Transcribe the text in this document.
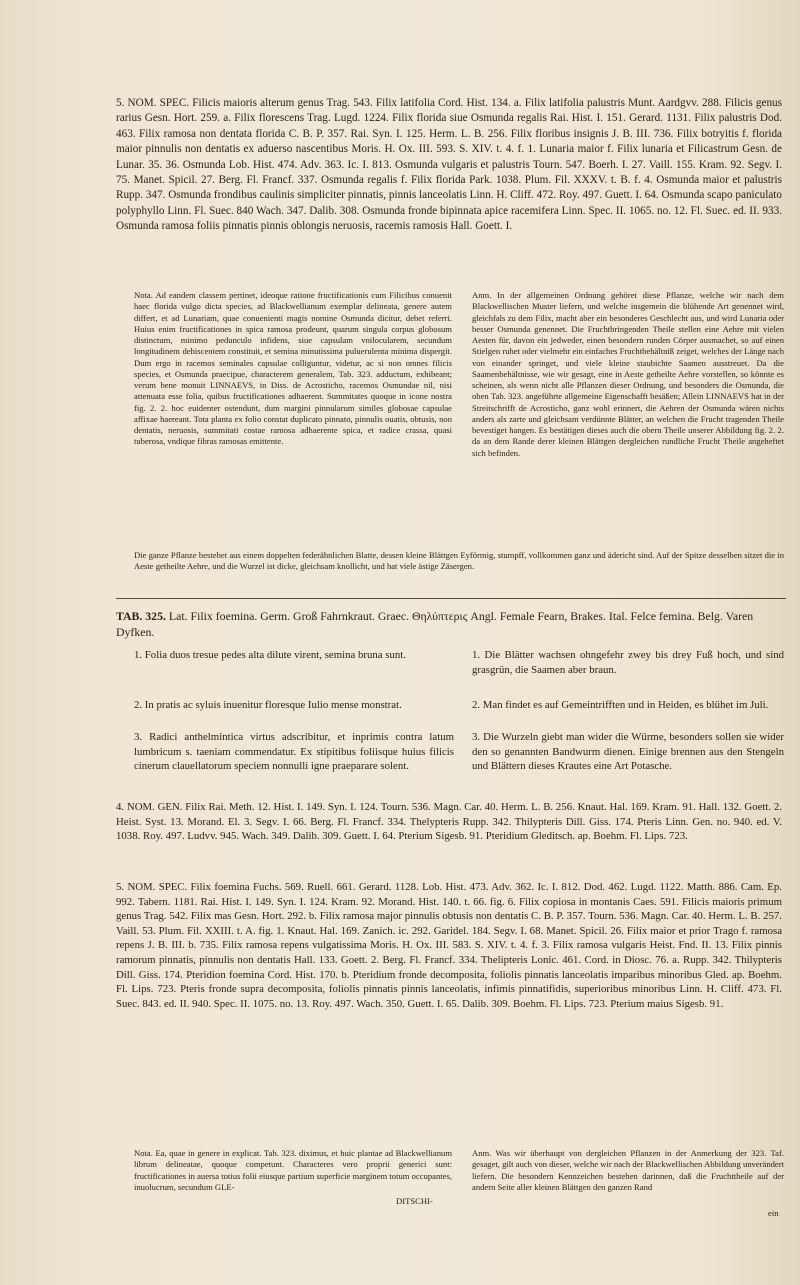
5. NOM. SPEC. Filicis maioris alterum genus Trag. 543. Filix latifolia Cord. Hist. 134. a. Filix latifolia palustris Munt. Aardgvv. 288. Filicis genus rarius Gesn. Hort. 259. a. Filix florescens Trag. Lugd. 1224. Filix florida siue Osmunda regalis Rai. Hist. I. 151. Gerard. 1131. Filix palustris Dod. 463. Filix ramosa non dentata florida C. B. P. 357. Rai. Syn. I. 125. Herm. L. B. 256. Filix floribus insignis J. B. III. 736. Filix botryitis f. florida maior pinnulis non dentatis ex aduerso nascentibus Moris. H. Ox. III. 593. S. XIV. t. 4. f. 1. Lunaria maior f. Filix lunaria et Filicastrum Gesn. de Lunar. 35. 36. Osmunda Lob. Hist. 474. Adv. 363. Ic. I. 813. Osmunda vulgaris et palustris Tourn. 547. Boerh. I. 27. Vaill. 155. Kram. 92. Segv. I. 75. Manet. Spicil. 27. Berg. Fl. Francf. 337. Osmunda regalis f. Filix florida Park. 1038. Plum. Fil. XXXV. t. B. f. 4. Osmunda maior et palustris Rupp. 347. Osmunda frondibus caulinis simpliciter pinnatis, pinnis lanceolatis Linn. H. Cliff. 472. Roy. 497. Guett. I. 64. Osmunda scapo paniculato polyphyllo Linn. Fl. Suec. 840 Wach. 347. Dalib. 308. Osmunda fronde bipinnata apice racemifera Linn. Spec. II. 1065. no. 12. Fl. Suec. ed. II. 933. Osmunda ramosa foliis pinnatis pinnis oblongis neruosis, racemis ramosis Hall. Goett. I.
Nota. Ad eandem classem pertinet, ideoque ratione fructificationis cum Filicibus conuenit haec florida vulgo dicta species, ad Blackwellianum exemplar delineata, genere autem differt, et ad Lunariam, quae conuenienti magis nomine Osmunda dicitur, debet referri. Huius enim fructificationes in spica ramosa prodeunt, quarum singula corpus globosum distinctum, minimo pedunculo infidens, siue capsulam vnilocularem, secundum longitudinem dehiscentem constituit, et semina minutissima puluerulenta minima dispergit. Dum ergo in racemos seminales capsulae colliguntur, videtur, ac si non omnes filicis species, et Osmunda praecipue, characterem generalem, Tab. 323. adductum, exhibeant; verum bene monuit LINNAEVS, in Diss. de Acrosticho, racemos Osmundae nil, nisi attenuata esse folia, quibus fructificationes adhaerent. Summitates quoque in icone nostra fig. 2. 2. hoc euidenter ostendunt, dum margini pinnularum similes globosae capsulae affixae haereant. Tota planta ex folio constat duplicato pinnato, pinnulis ouatis, obtusis, non dentatis, neruosis, summitati costae ramosa adhaerente spica, et radice crassa, quasi tuberosa, vndique fibras ramosas emittente.
Anm. In der allgemeinen Ordnung gehöret diese Pflanze, welche wir nach dem Blackwellischen Muster liefern, und welche insgemein die blühende Art genennet wird, gleichfals zu dem Filix, macht aber ein besonderes Geschlecht aus, und wird Lunaria oder besser Osmunda genennet. Die Fruchtbringenden Theile stellen eine Aehre mit vielen Aesten für, davon ein jedweder, einen besondern runden Cörper ausmachet, so auf einen Stielgen ruhet oder vielmehr ein einfaches Fruchtbehältniß zeiget, welches der Länge nach von einander springet, und viele kleine staubichte Saamen ausstreuet. Da die Saamenbehältnisse, wie wir gesagt, eine in Aeste getheilte Aehre vorstellen, so könnte es scheinen, als wenn nicht alle Pflanzen dieser Ordnung, und besonders die Osmunda, die oben Tab. 323. angeführte allgemeine Eigenschafft besäßen; Allein LINNAEVS hat in der Streitschrifft de Acrosticho, ganz wohl erinnert, die Aehren der Osmunda wären nichts anders als zarte und gleichsam verdünnte Blätter, an welchen die Frucht tragenden Theile bevestiget hangen. Es bestätigen dieses auch die obern Theile unserer Abbildung fig. 2. 2. da an dem Rande derer kleinen Blättgen dergleichen rundliche Frucht Theile angeheftet sich befinden.
Die ganze Pflanze bestehet aus einem doppelten federähnlichen Blatte, dessen kleine Blättgen Eyförmig, stumpff, vollkommen ganz und ädericht sind. Auf der Spitze desselben sitzet die in Aeste getheilte Aehre, und die Wurzel ist dicke, gleichsam knollicht, und hat viele ästige Zäsergen.
TAB. 325. Lat. Filix foemina. Germ. Groß Fahrnkraut. Graec. Θηλύπτερις Angl. Female Fearn, Brakes. Ital. Felce femina. Belg. Varen Dyfken.
1. Folia duos tresue pedes alta dilute virent, semina bruna sunt.	1. Die Blätter wachsen ohngefehr zwey bis drey Fuß hoch, und sind grasgrün, die Saamen aber braun.
2. In pratis ac syluis inuenitur floresque Iulio mense monstrat.	2. Man findet es auf Gemeintrifften und in Heiden, es blühet im Juli.
3. Radici anthelmintica virtus adscribitur, et inprimis contra latum lumbricum s. taeniam commendatur. Ex stipitibus foliisque huius filicis cinerum clauellatorum speciem nonnulli igne praeparare solent.
3. Die Wurzeln giebt man wider die Würme, besonders sollen sie wider den so genannten Bandwurm dienen. Einige brennen aus den Stengeln und Blättern dieses Krautes eine Art Potasche.
4. NOM. GEN. Filix Rai. Meth. 12. Hist. I. 149. Syn. I. 124. Tourn. 536. Magn. Car. 40. Herm. L. B. 256. Knaut. Hal. 169. Kram. 91. Hall. 132. Goett. 2. Heist. Syst. 13. Morand. El. 3. Segv. I. 66. Berg. Fl. Francf. 334. Thelypteris Rupp. 342. Thilypteris Dill. Giss. 174. Pteris Linn. Gen. no. 940. ed. V. 1038. Roy. 497. Ludvv. 945. Wach. 349. Dalib. 309. Guett. I. 64. Pterium Sigesb. 91. Pteridium Gleditsch. ap. Boehm. Fl. Lips. 723.
5. NOM. SPEC. Filix foemina Fuchs. 569. Ruell. 661. Gerard. 1128. Lob. Hist. 473. Adv. 362. Ic. I. 812. Dod. 462. Lugd. 1122. Matth. 886. Cam. Ep. 992. Tabern. 1181. Rai. Hist. I. 149. Syn. I. 124. Kram. 92. Morand. Hist. 140. t. 66. fig. 6. Filix copiosa in montanis Caes. 591. Filicis maioris primum genus Trag. 542. Filix mas Gesn. Hort. 292. b. Filix ramosa major pinnulis obtusis non dentatis C. B. P. 357. Tourn. 536. Magn. Car. 40. Herm. L. B. 257. Vaill. 53. Plum. Fil. XXIII. t. A. fig. 1. Knaut. Hal. 169. Zanich. ic. 292. Garidel. 184. Segv. I. 68. Manet. Spicil. 26. Filix maior et prior Trago f. ramosa repens J. B. III. b. 735. Filix ramosa repens vulgatissima Moris. H. Ox. III. 583. S. XIV. t. 4. f. 3. Filix ramosa vulgaris Heist. Fnd. II. 13. Filix pinnis ramorum pinnatis, pinnulis non dentatis Hall. 133. Goett. 2. Berg. Fl. Francf. 334. Thelipteris Lonic. 461. Cord. in Diosc. 76. a. Rupp. 342. Thilypteris Dill. Giss. 174. Pteridion foemina Cord. Hist. 170. b. Pteridium fronde decomposita, foliolis pinnatis lanceolatis imparibus minoribus Gled. ap. Boehm. Fl. Lips. 723. Pteris fronde supra decomposita, foliolis pinnatis pinnis lanceolatis, infimis pinnatifidis, superioribus minoribus Linn. H. Cliff. 473. Fl. Suec. 843. ed. II. 940. Spec. II. 1075. no. 13. Roy. 497. Wach. 350. Guett. I. 65. Dalib. 309. Boehm. Fl. Lips. 723. Pterium maius Sigesb. 91.
Nota. Ea, quae in genere in explicat. Tab. 323. diximus, et huic plantae ad Blackwellianum librum delineatae, quoque competunt. Characteres vero proprii generici sunt: fructificationes in auersa totius folii eiusque partium superficie marginem totum occupantes, inuolucrum, secundum GLE-
Anm. Was wir überhaupt von dergleichen Pflanzen in der Anmerkung der 323. Taf. gesaget, gilt auch von dieser, welche wir nach der Blackwellischen Abbildung unverändert liefern. Die besondern Kennzeichen bestehen darinnen, daß die Fruchttheile auf der andern Seite aller kleinen Blättgen den ganzen Rand
DITSCHI-
ein
